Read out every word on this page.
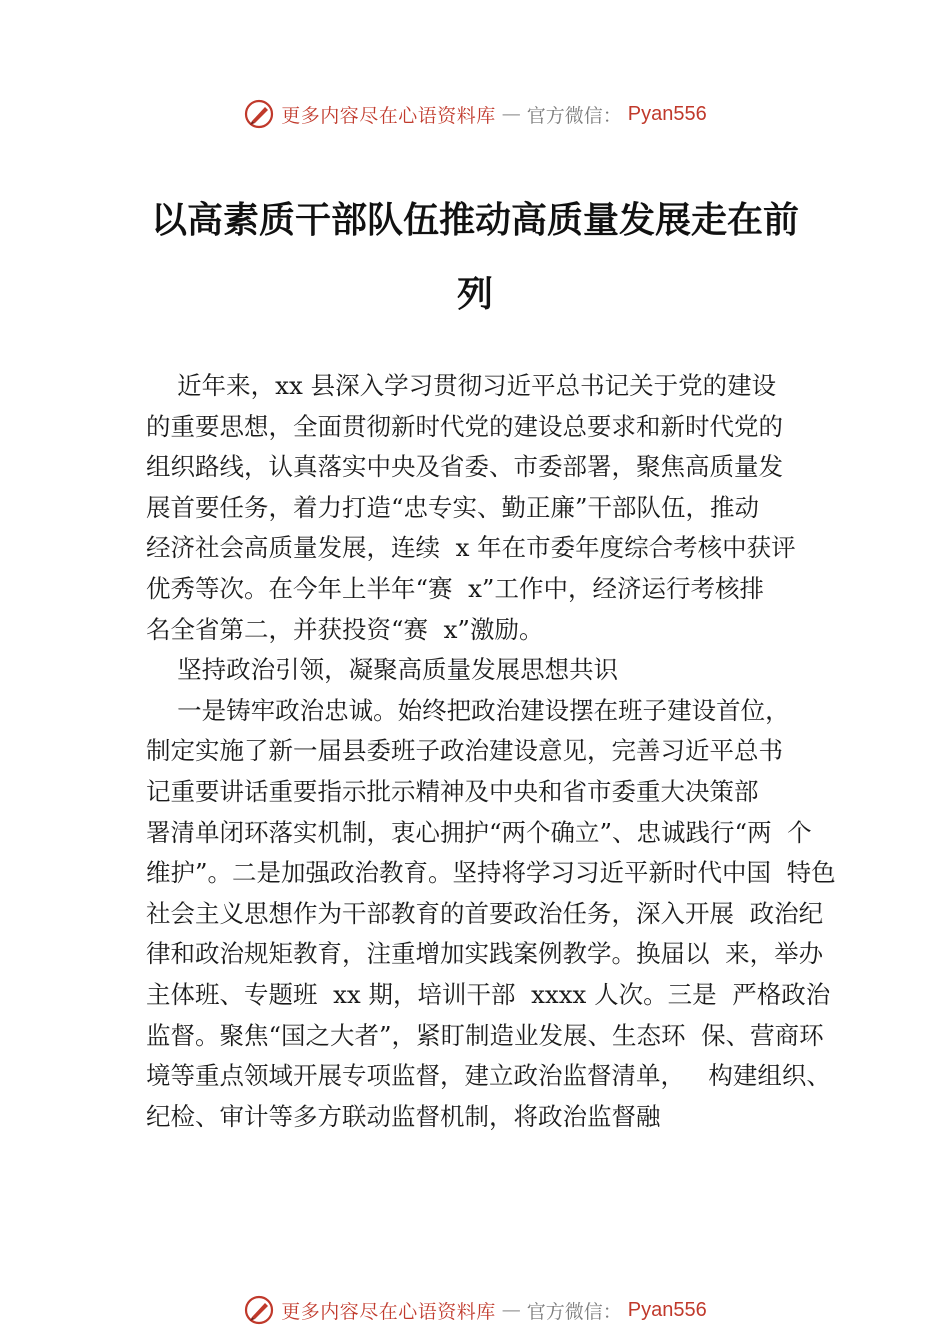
更多内容尽在心语资料库 — 官方微信： Pyan556
以高素质干部队伍推动高质量发展走在前
列
近年来，xx 县深入学习贯彻习近平总书记关于党的建设
的重要思想，全面贯彻新时代党的建设总要求和新时代党的
组织路线，认真落实中央及省委、市委部署，聚焦高质量发
展首要任务，着力打造“忠专实、勤正廉”干部队伍，推动
经济社会高质量发展，连续  x 年在市委年度综合考核中获评
优秀等次。在今年上半年“赛  x”工作中，经济运行考核排
名全省第二，并获投资“赛  x”激励。
坚持政治引领，凝聚高质量发展思想共识
一是铸牢政治忠诚。始终把政治建设摆在班子建设首位，
制定实施了新一届县委班子政治建设意见，完善习近平总书
记重要讲话重要指示批示精神及中央和省市委重大决策部
署清单闭环落实机制，衷心拥护“两个确立”、忠诚践行“两  个
维护”。二是加强政治教育。坚持将学习习近平新时代中国  特色
社会主义思想作为干部教育的首要政治任务，深入开展  政治纪
律和政治规矩教育，注重增加实践案例教学。换届以  来，举办
主体班、专题班  xx 期，培训干部  xxxx 人次。三是  严格政治
监督。聚焦“国之大者”，紧盯制造业发展、生态环  保、营商环
境等重点领域开展专项监督，建立政治监督清单，   构建组织、
纪检、审计等多方联动监督机制，将政治监督融
更多内容尽在心语资料库 — 官方微信： Pyan556
